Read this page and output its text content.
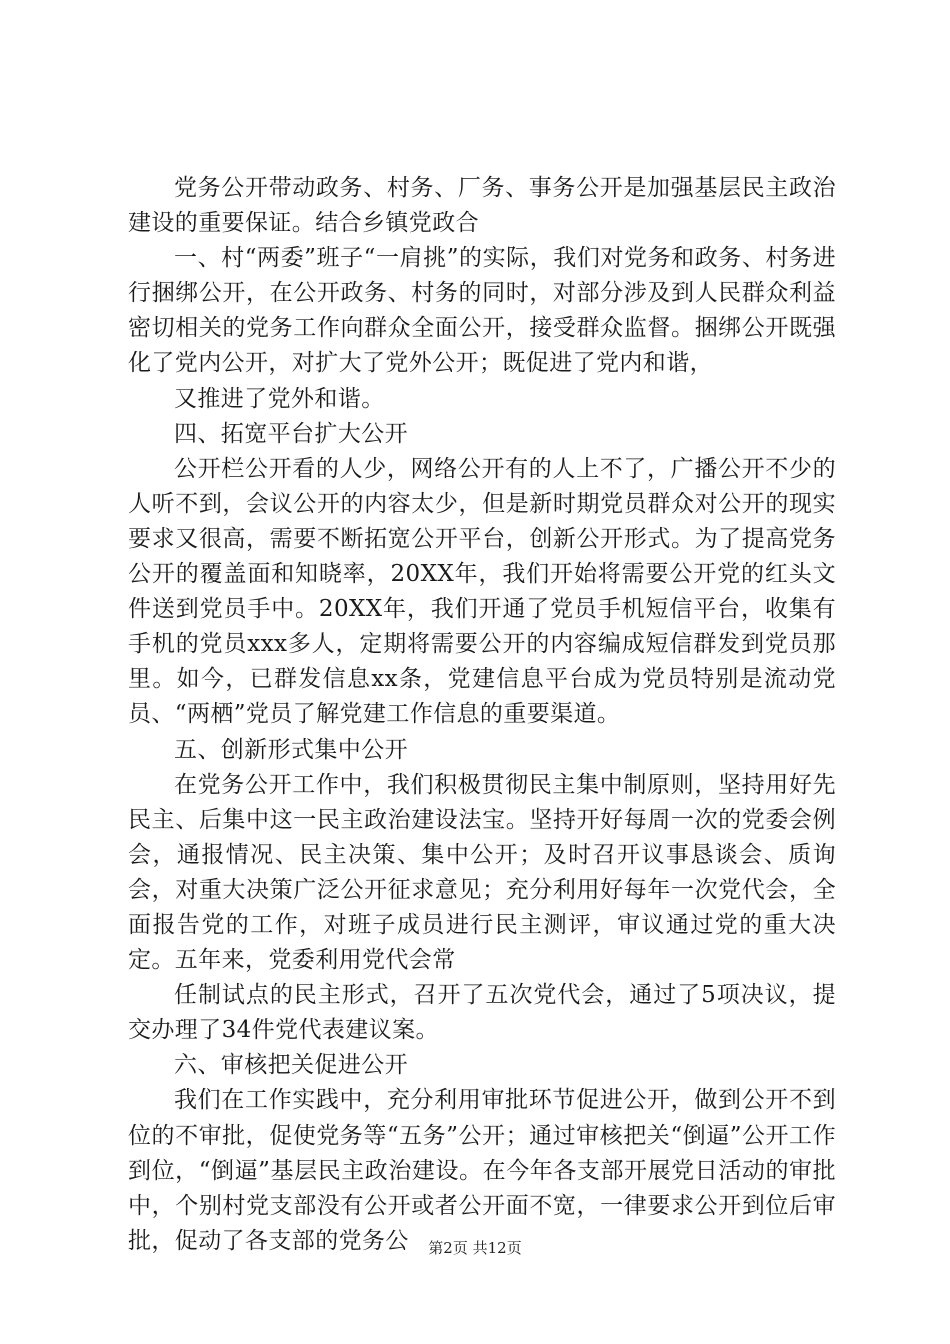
党务公开带动政务、村务、厂务、事务公开是加强基层民主政治建设的重要保证。结合乡镇党政合

一、村“两委”班子“一肩挑”的实际，我们对党务和政务、村务进行捆绑公开，在公开政务、村务的同时，对部分涉及到人民群众利益密切相关的党务工作向群众全面公开，接受群众监督。捆绑公开既强化了党内公开，对扩大了党外公开；既促进了党内和谐，

又推进了党外和谐。

四、拓宽平台扩大公开

公开栏公开看的人少，网络公开有的人上不了，广播公开不少的人听不到，会议公开的内容太少，但是新时期党员群众对公开的现实要求又很高，需要不断拓宽公开平台，创新公开形式。为了提高党务公开的覆盖面和知晓率，20XX年，我们开始将需要公开党的红头文件送到党员手中。20XX年，我们开通了党员手机短信平台，收集有手机的党员xxx多人，定期将需要公开的内容编成短信群发到党员那里。如今，已群发信息xx条，党建信息平台成为党员特别是流动党员、“两栖”党员了解党建工作信息的重要渠道。

五、创新形式集中公开

在党务公开工作中，我们积极贯彻民主集中制原则，坚持用好先民主、后集中这一民主政治建设法宝。坚持开好每周一次的党委会例会，通报情况、民主决策、集中公开；及时召开议事恳谈会、质询会，对重大决策广泛公开征求意见；充分利用好每年一次党代会，全面报告党的工作，对班子成员进行民主测评，审议通过党的重大决定。五年来，党委利用党代会常

任制试点的民主形式，召开了五次党代会，通过了5项决议，提交办理了34件党代表建议案。

六、审核把关促进公开

我们在工作实践中，充分利用审批环节促进公开，做到公开不到位的不审批，促使党务等“五务”公开；通过审核把关“倒逼”公开工作到位，“倒逼”基层民主政治建设。在今年各支部开展党日活动的审批中，个别村党支部没有公开或者公开面不宽，一律要求公开到位后审批，促动了各支部的党务公	第2页 共12页
